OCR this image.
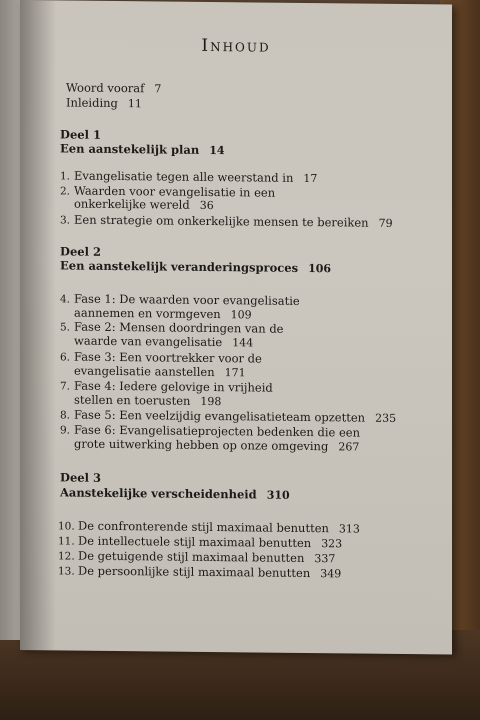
Inhoud
Woord vooraf 7
Inleiding 11
Deel 1
Een aanstekelijk plan 14
1. Evangelisatie tegen alle weerstand in 17
2. Waarden voor evangelisatie in een
onkerkelijke wereld 36
3. Een strategie om onkerkelijke mensen te bereiken 79
Deel 2
Een aanstekelijk veranderingsproces 106
4. Fase 1: De waarden voor evangelisatie
aannemen en vormgeven 109
5. Fase 2: Mensen doordringen van de
waarde van evangelisatie 144
6. Fase 3: Een voortrekker voor de
evangelisatie aanstellen 171
7. Fase 4: Iedere gelovige in vrijheid
stellen en toerusten 198
8. Fase 5: Een veelzijdig evangelisatieteam opzetten 235
9. Fase 6: Evangelisatieprojecten bedenken die een
grote uitwerking hebben op onze omgeving 267
Deel 3
Aanstekelijke verscheidenheid 310
10. De confronterende stijl maximaal benutten 313
11. De intellectuele stijl maximaal benutten 323
12. De getuigende stijl maximaal benutten 337
13. De persoonlijke stijl maximaal benutten 349
